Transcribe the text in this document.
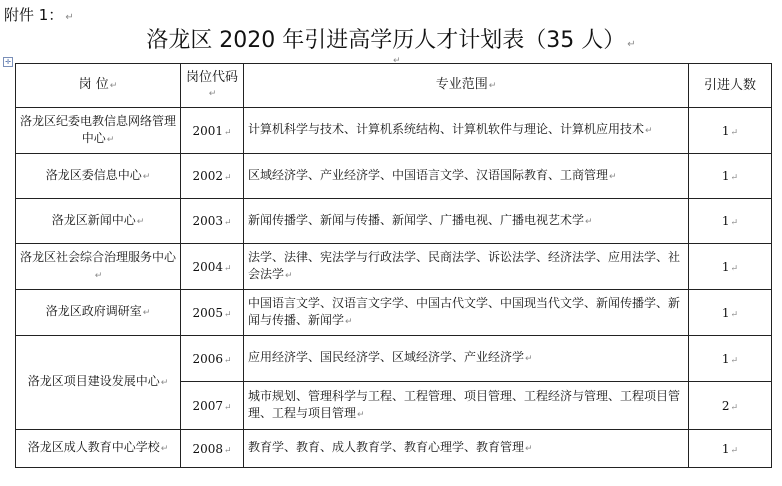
附件 1： ↵
洛龙区 2020 年引进高学历人才计划表（35 人） ↵
✛	↵
岗 位↵	岗位代码↵	专业范围↵	引进人数
洛龙区纪委电教信息网络管理中心↵	2001↵	计算机科学与技术、计算机系统结构、计算机软件与理论、计算机应用技术↵	1↵
洛龙区委信息中心↵	2002↵	区域经济学、产业经济学、中国语言文学、汉语国际教育、工商管理↵	1↵
洛龙区新闻中心↵	2003↵	新闻传播学、新闻与传播、新闻学、广播电视、广播电视艺术学↵	1↵
洛龙区社会综合治理服务中心↵	2004↵	法学、法律、宪法学与行政法学、民商法学、诉讼法学、经济法学、应用法学、社会法学↵	1↵
洛龙区政府调研室↵	2005↵	中国语言文学、汉语言文字学、中国古代文学、中国现当代文学、新闻传播学、新闻与传播、新闻学↵	1↵
洛龙区项目建设发展中心↵	2006↵	应用经济学、国民经济学、区域经济学、产业经济学↵	1↵
	2007↵	城市规划、管理科学与工程、工程管理、项目管理、工程经济与管理、工程项目管理、工程与项目管理↵	2↵
洛龙区成人教育中心学校↵	2008↵	教育学、教育、成人教育学、教育心理学、教育管理↵	1↵
